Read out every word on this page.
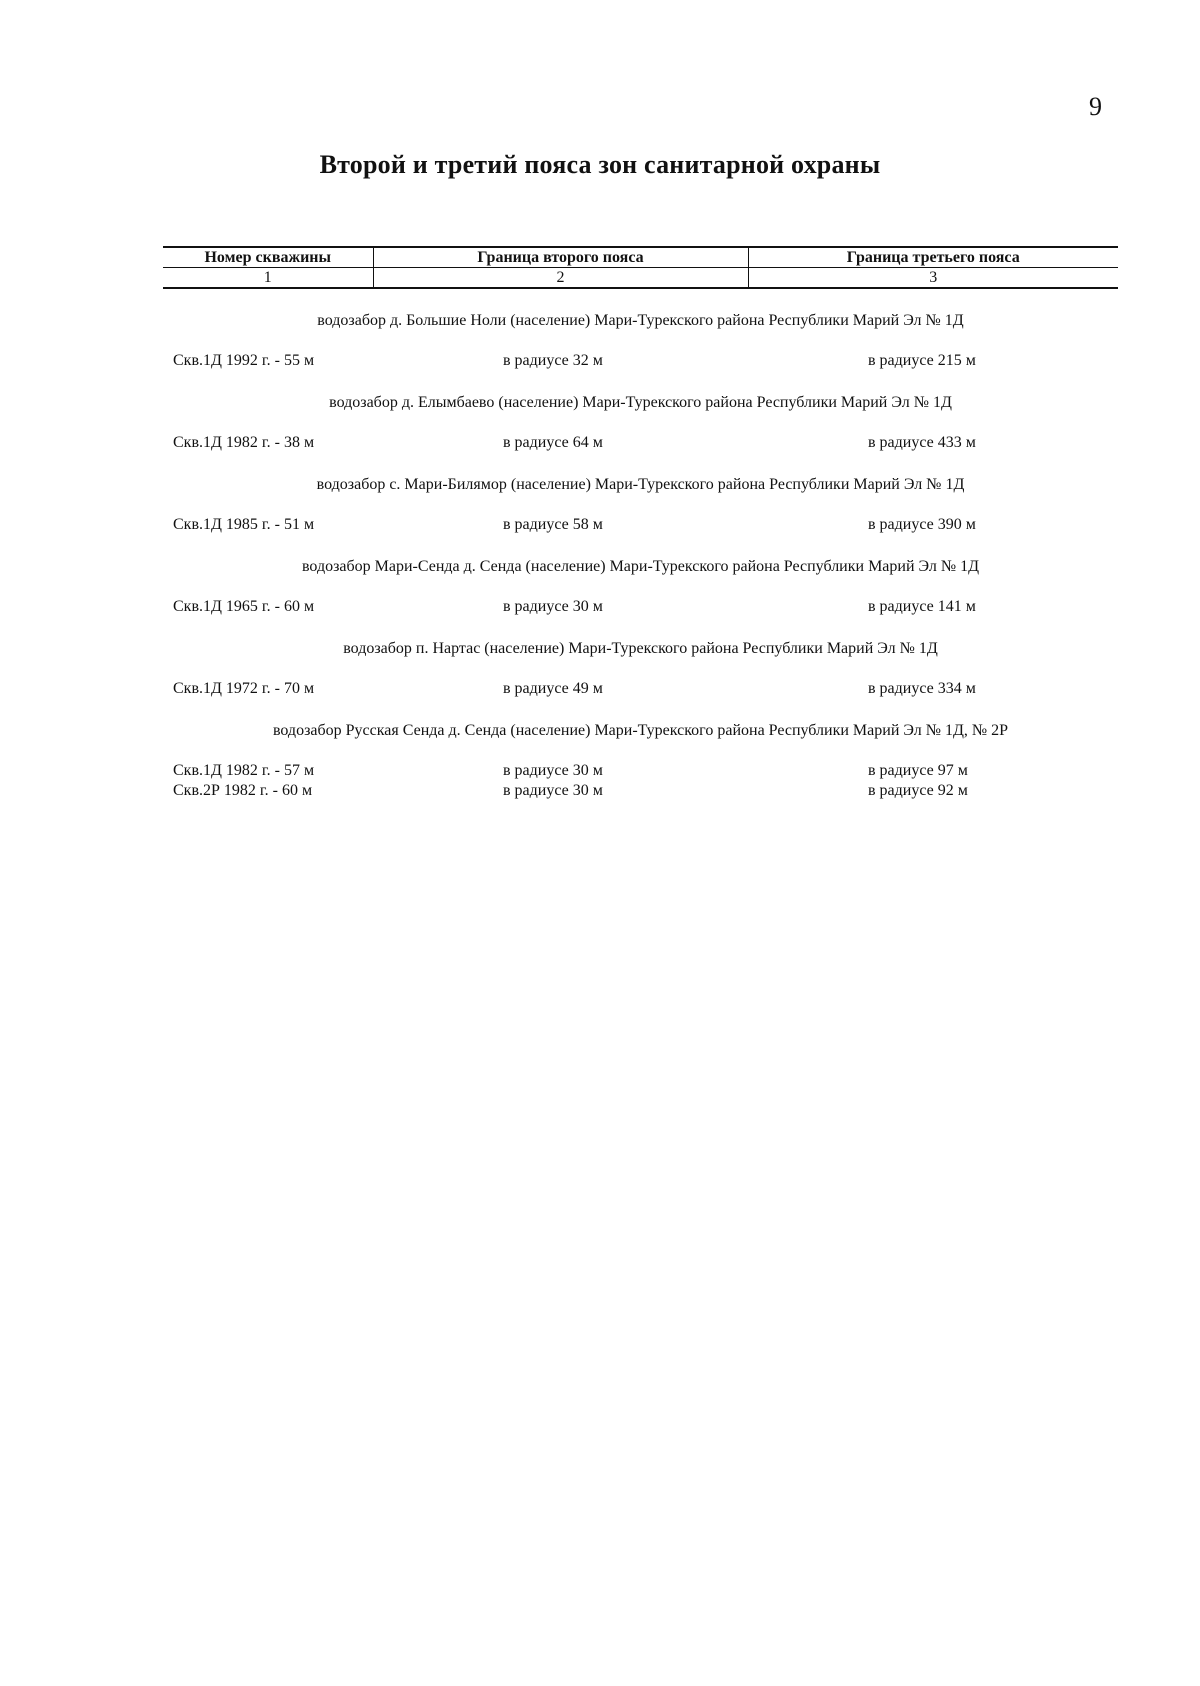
9
Второй и третий пояса зон санитарной охраны
Номер скважины	Граница второго пояса	Граница третьего пояса
1	2	3
водозабор д. Большие Ноли (население) Мари-Турекского района Республики Марий Эл № 1Д
Скв.1Д 1992 г. - 55 м	в радиусе 32 м	в радиусе 215 м
водозабор д. Елымбаево (население) Мари-Турекского района Республики Марий Эл № 1Д
Скв.1Д 1982 г. - 38 м	в радиусе 64 м	в радиусе 433 м
водозабор с. Мари-Билямор (население) Мари-Турекского района Республики Марий Эл № 1Д
Скв.1Д 1985 г. - 51 м	в радиусе 58 м	в радиусе 390 м
водозабор Мари-Сенда д. Сенда (население) Мари-Турекского района Республики Марий Эл № 1Д
Скв.1Д 1965 г. - 60 м	в радиусе 30 м	в радиусе 141 м
водозабор п. Нартас (население) Мари-Турекского района Республики Марий Эл № 1Д
Скв.1Д 1972 г. - 70 м	в радиусе 49 м	в радиусе 334 м
водозабор Русская Сенда д. Сенда (население) Мари-Турекского района Республики Марий Эл № 1Д, № 2Р
Скв.1Д 1982 г. - 57 м	в радиусе 30 м	в радиусе 97 м
Скв.2Р 1982 г. - 60 м	в радиусе 30 м	в радиусе 92 м
